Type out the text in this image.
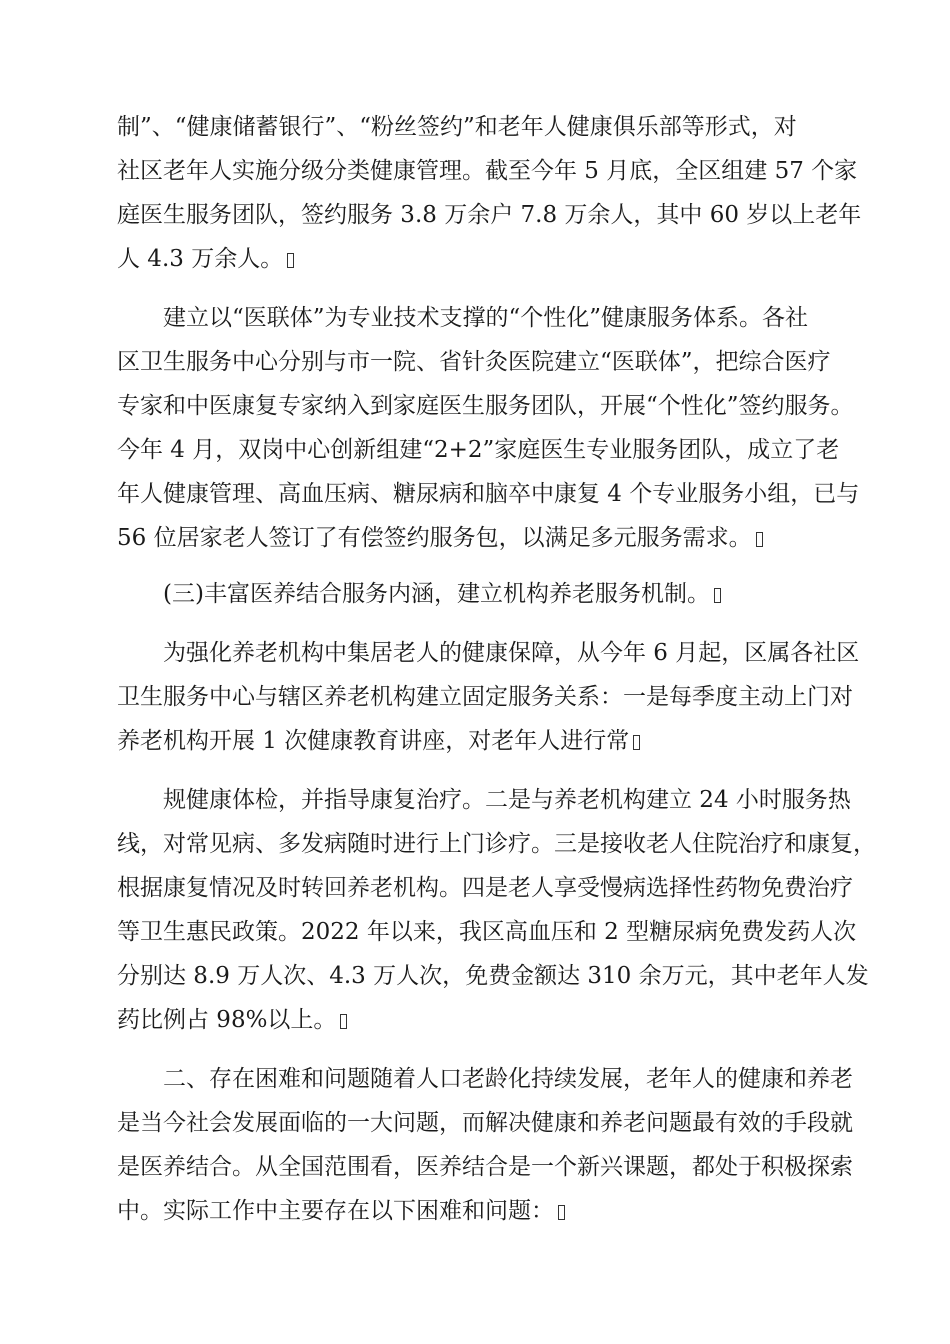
制”、“健康储蓄银行”、“粉丝签约”和老年人健康俱乐部等形式，对
社区老年人实施分级分类健康管理。截至今年 5 月底，全区组建 57 个家
庭医生服务团队，签约服务 3.8 万余户 7.8 万余人，其中 60 岁以上老年
人 4.3 万余人。
建立以“医联体”为专业技术支撑的“个性化”健康服务体系。各社
区卫生服务中心分别与市一院、省针灸医院建立“医联体”，把综合医疗
专家和中医康复专家纳入到家庭医生服务团队，开展“个性化”签约服务。
今年 4 月，双岗中心创新组建“2+2”家庭医生专业服务团队，成立了老
年人健康管理、高血压病、糖尿病和脑卒中康复 4 个专业服务小组，已与
56 位居家老人签订了有偿签约服务包，以满足多元服务需求。
(三)丰富医养结合服务内涵，建立机构养老服务机制。
为强化养老机构中集居老人的健康保障，从今年 6 月起，区属各社区
卫生服务中心与辖区养老机构建立固定服务关系：一是每季度主动上门对
养老机构开展 1 次健康教育讲座，对老年人进行常
规健康体检，并指导康复治疗。二是与养老机构建立 24 小时服务热
线，对常见病、多发病随时进行上门诊疗。三是接收老人住院治疗和康复，
根据康复情况及时转回养老机构。四是老人享受慢病选择性药物免费治疗
等卫生惠民政策。2022 年以来，我区高血压和 2 型糖尿病免费发药人次
分别达 8.9 万人次、4.3 万人次，免费金额达 310 余万元，其中老年人发
药比例占 98%以上。
二、存在困难和问题随着人口老龄化持续发展，老年人的健康和养老
是当今社会发展面临的一大问题，而解决健康和养老问题最有效的手段就
是医养结合。从全国范围看，医养结合是一个新兴课题，都处于积极探索
中。实际工作中主要存在以下困难和问题：
